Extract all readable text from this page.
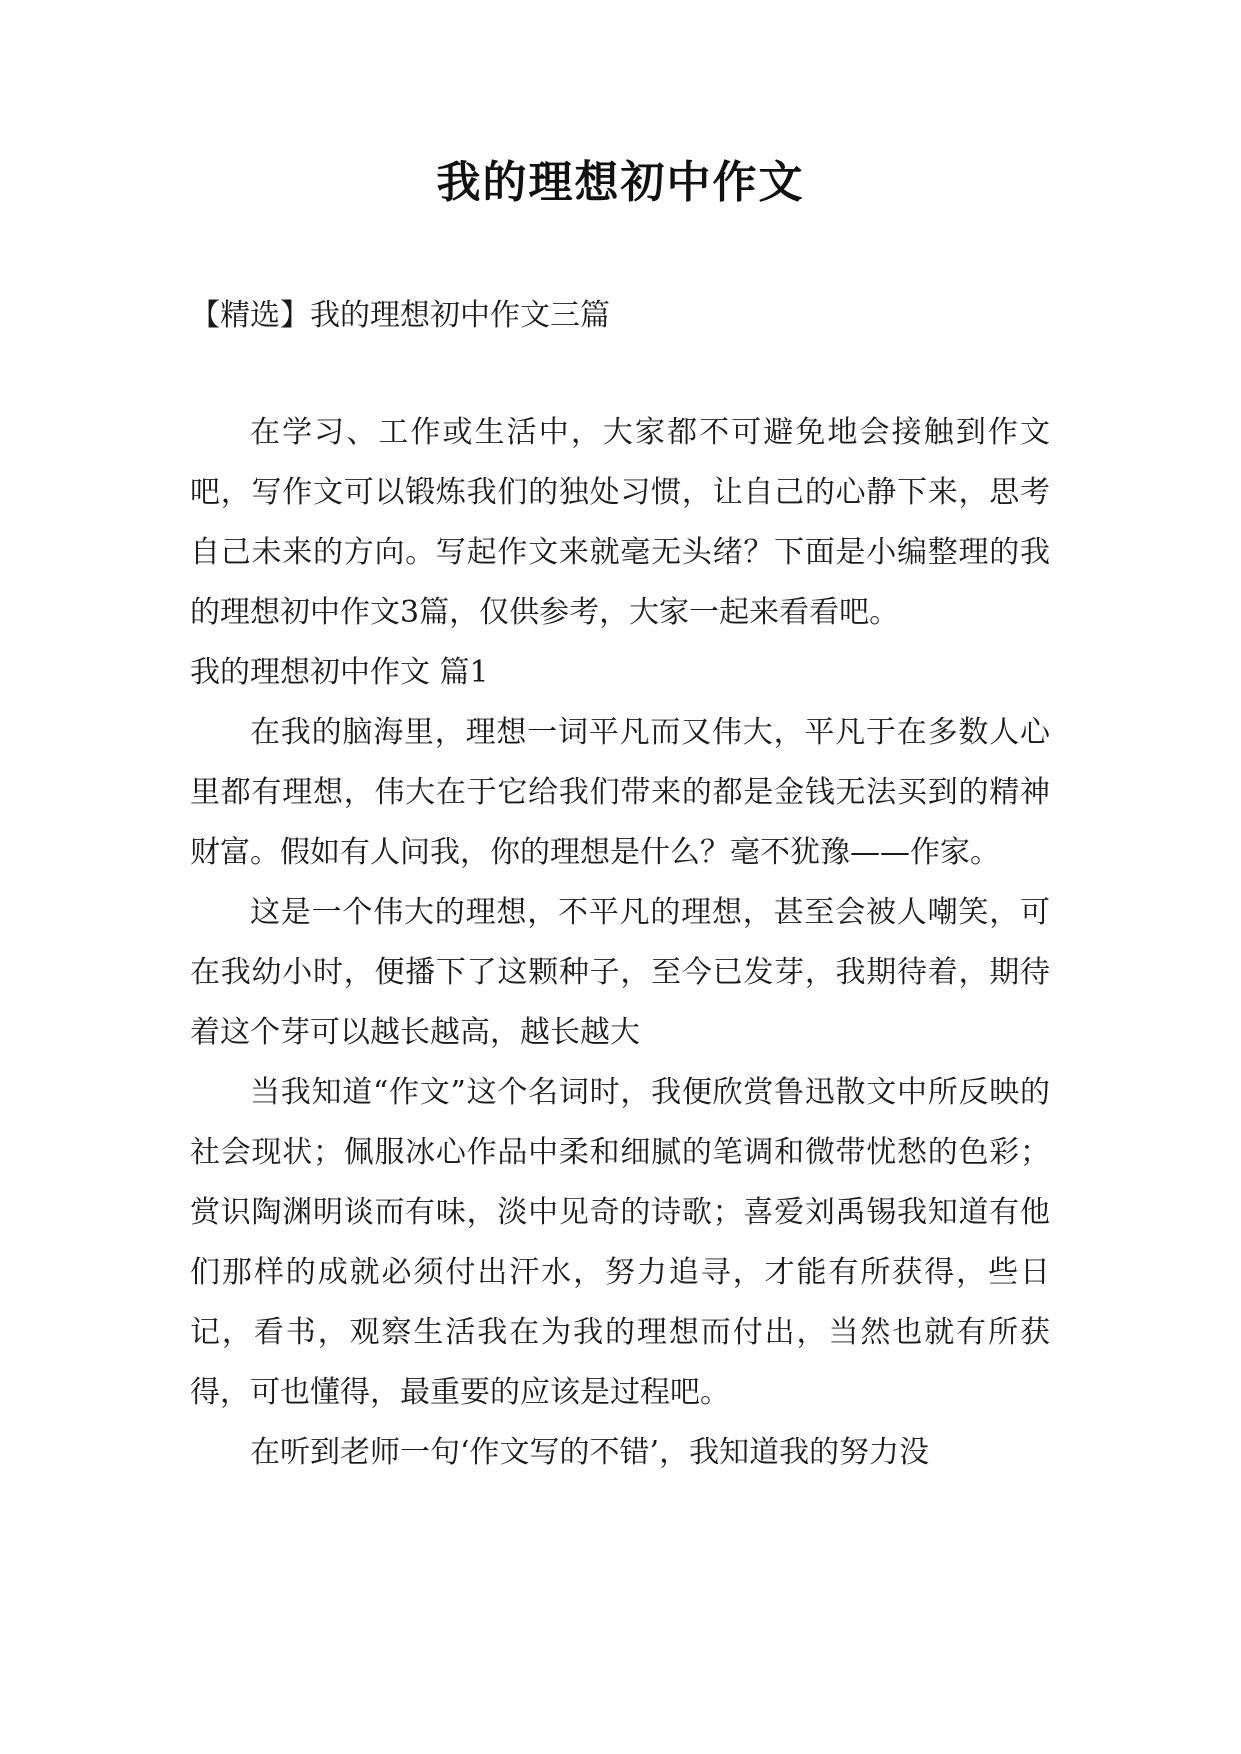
我的理想初中作文

【精选】我的理想初中作文三篇

在学习、工作或生活中，大家都不可避免地会接触到作文吧，写作文可以锻炼我们的独处习惯，让自己的心静下来，思考自己未来的方向。写起作文来就毫无头绪？下面是小编整理的我的理想初中作文3篇，仅供参考，大家一起来看看吧。

我的理想初中作文 篇1

在我的脑海里，理想一词平凡而又伟大，平凡于在多数人心里都有理想，伟大在于它给我们带来的都是金钱无法买到的精神财富。假如有人问我，你的理想是什么？毫不犹豫——作家。

这是一个伟大的理想，不平凡的理想，甚至会被人嘲笑，可在我幼小时，便播下了这颗种子，至今已发芽，我期待着，期待着这个芽可以越长越高，越长越大

当我知道“作文”这个名词时，我便欣赏鲁迅散文中所反映的社会现状；佩服冰心作品中柔和细腻的笔调和微带忧愁的色彩；赏识陶渊明谈而有味，淡中见奇的诗歌；喜爱刘禹锡我知道有他们那样的成就必须付出汗水，努力追寻，才能有所获得，些日记，看书，观察生活我在为我的理想而付出，当然也就有所获得，可也懂得，最重要的应该是过程吧。

在听到老师一句‘作文写的不错’，我知道我的努力没
